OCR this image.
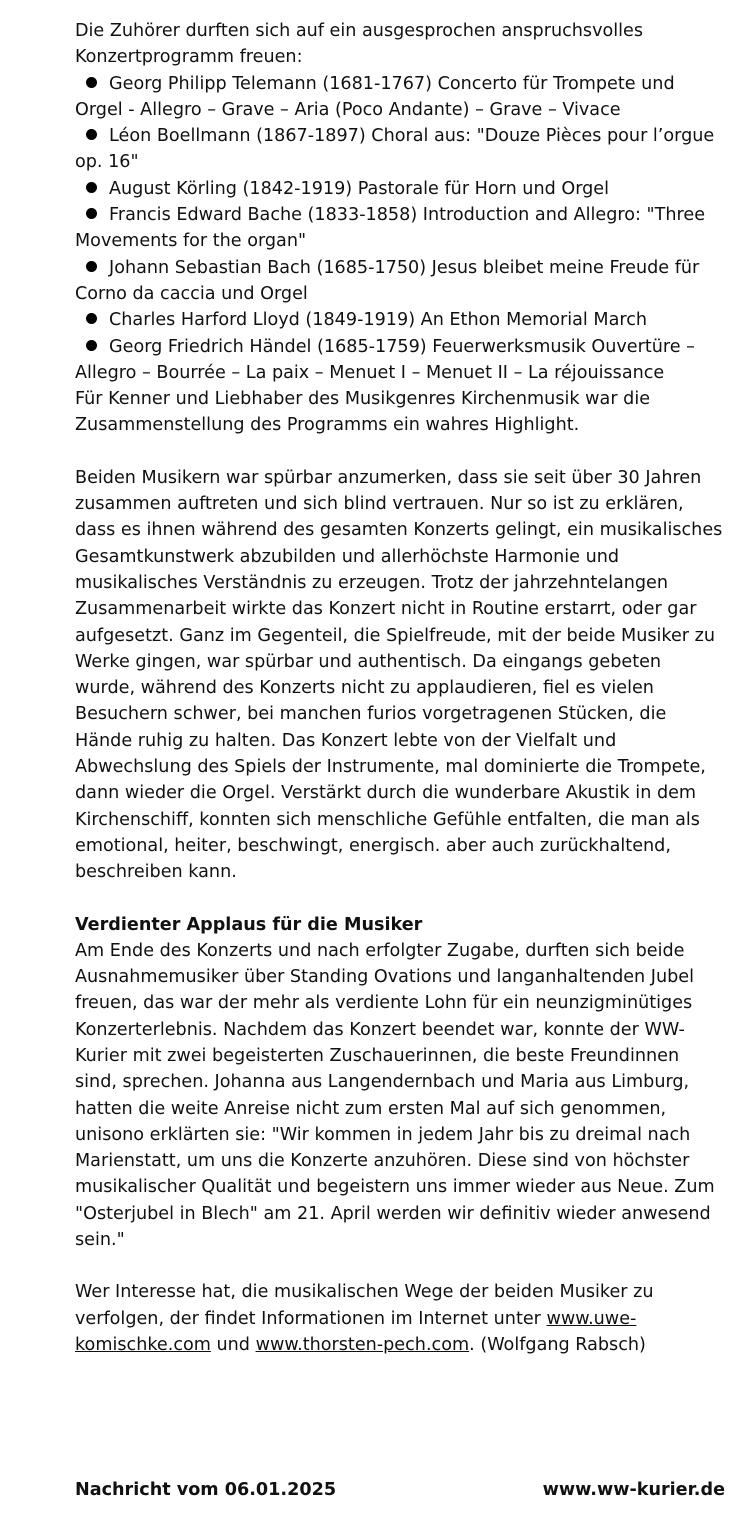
Die Zuhörer durften sich auf ein ausgesprochen anspruchsvolles Konzertprogramm freuen:

Georg Philipp Telemann (1681-1767) Concerto für Trompete und Orgel - Allegro – Grave – Aria (Poco Andante) – Grave – Vivace
Léon Boellmann (1867-1897) Choral aus: "Douze Pièces pour l’orgue op. 16"
August Körling (1842-1919) Pastorale für Horn und Orgel
Francis Edward Bache (1833-1858) Introduction and Allegro: "Three Movements for the organ"
Johann Sebastian Bach (1685-1750) Jesus bleibet meine Freude für Corno da caccia und Orgel
Charles Harford Lloyd (1849-1919) An Ethon Memorial March
Georg Friedrich Händel (1685-1759) Feuerwerksmusik Ouvertüre – Allegro – Bourrée – La paix – Menuet I – Menuet II – La réjouissance

Für Kenner und Liebhaber des Musikgenres Kirchenmusik war die Zusammenstellung des Programms ein wahres Highlight.

Beiden Musikern war spürbar anzumerken, dass sie seit über 30 Jahren zusammen auftreten und sich blind vertrauen. Nur so ist zu erklären, dass es ihnen während des gesamten Konzerts gelingt, ein musikalisches Gesamtkunstwerk abzubilden und allerhöchste Harmonie und musikalisches Verständnis zu erzeugen. Trotz der jahrzehntelangen Zusammenarbeit wirkte das Konzert nicht in Routine erstarrt, oder gar aufgesetzt. Ganz im Gegenteil, die Spielfreude, mit der beide Musiker zu Werke gingen, war spürbar und authentisch. Da eingangs gebeten wurde, während des Konzerts nicht zu applaudieren, fiel es vielen Besuchern schwer, bei manchen furios vorgetragenen Stücken, die Hände ruhig zu halten. Das Konzert lebte von der Vielfalt und Abwechslung des Spiels der Instrumente, mal dominierte die Trompete, dann wieder die Orgel. Verstärkt durch die wunderbare Akustik in dem Kirchenschiff, konnten sich menschliche Gefühle entfalten, die man als emotional, heiter, beschwingt, energisch. aber auch zurückhaltend, beschreiben kann.

Verdienter Applaus für die Musiker

Am Ende des Konzerts und nach erfolgter Zugabe, durften sich beide Ausnahmemusiker über Standing Ovations und langanhaltenden Jubel freuen, das war der mehr als verdiente Lohn für ein neunzigminütiges Konzerterlebnis. Nachdem das Konzert beendet war, konnte der WW-Kurier mit zwei begeisterten Zuschauerinnen, die beste Freundinnen sind, sprechen. Johanna aus Langendernbach und Maria aus Limburg, hatten die weite Anreise nicht zum ersten Mal auf sich genommen, unisono erklärten sie: "Wir kommen in jedem Jahr bis zu dreimal nach Marienstatt, um uns die Konzerte anzuhören. Diese sind von höchster musikalischer Qualität und begeistern uns immer wieder aus Neue. Zum "Osterjubel in Blech" am 21. April werden wir definitiv wieder anwesend sein."

Wer Interesse hat, die musikalischen Wege der beiden Musiker zu verfolgen, der findet Informationen im Internet unter www.uwe-komischke.com und www.thorsten-pech.com. (Wolfgang Rabsch)

Nachricht vom 06.01.2025	www.ww-kurier.de
